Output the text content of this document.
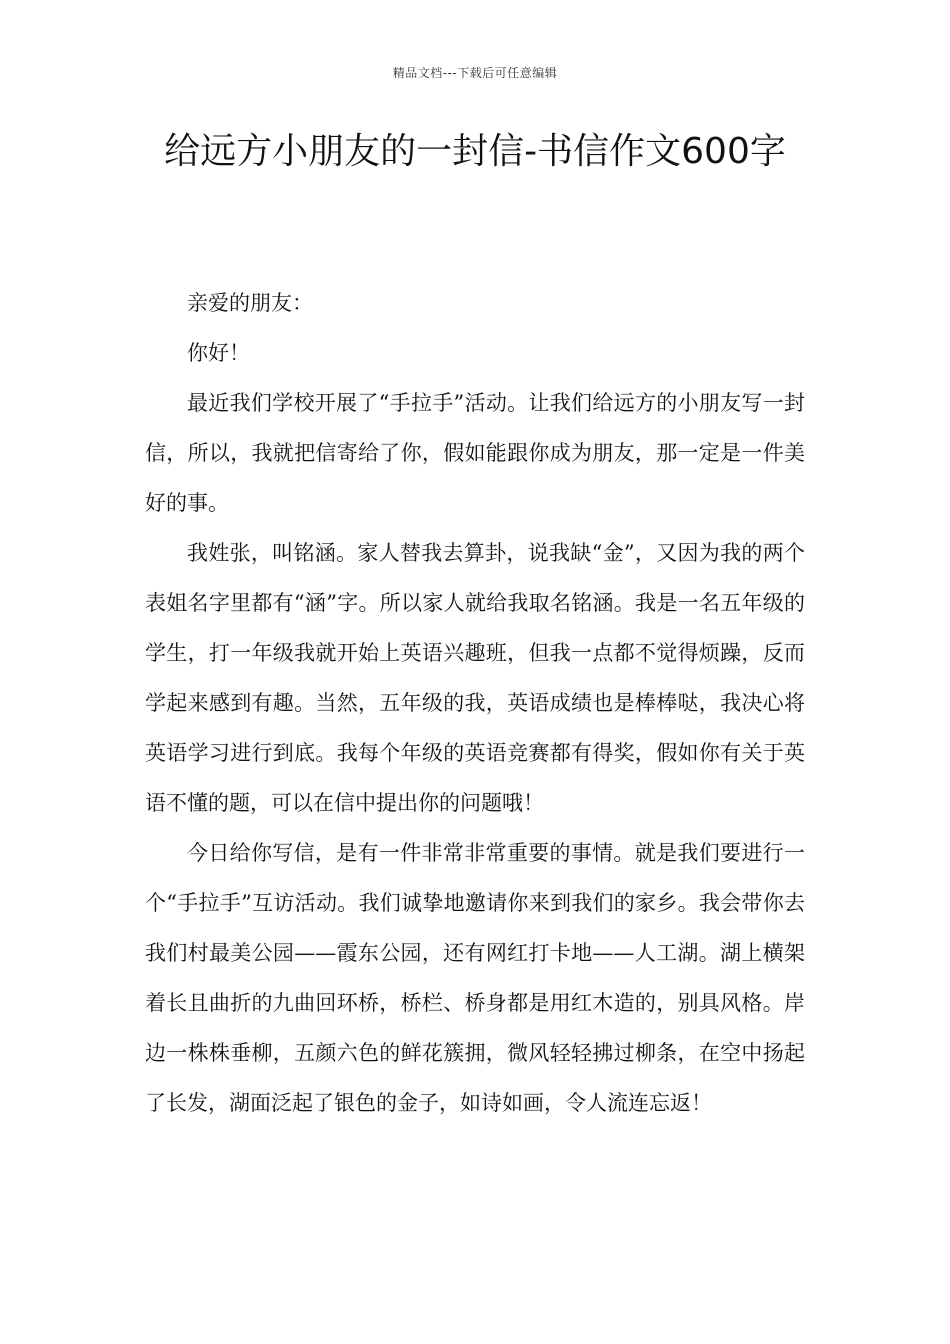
精品文档---下载后可任意编辑
给远方小朋友的一封信-书信作文600字

亲爱的朋友：

你好！

最近我们学校开展了“手拉手”活动。让我们给远方的小朋友写一封信，所以，我就把信寄给了你，假如能跟你成为朋友，那一定是一件美好的事。

我姓张，叫铭涵。家人替我去算卦，说我缺“金”，又因为我的两个表姐名字里都有“涵”字。所以家人就给我取名铭涵。我是一名五年级的学生，打一年级我就开始上英语兴趣班，但我一点都不觉得烦躁，反而学起来感到有趣。当然，五年级的我，英语成绩也是棒棒哒，我决心将英语学习进行到底。我每个年级的英语竞赛都有得奖，假如你有关于英语不懂的题，可以在信中提出你的问题哦！

今日给你写信，是有一件非常非常重要的事情。就是我们要进行一个“手拉手”互访活动。我们诚挚地邀请你来到我们的家乡。我会带你去我们村最美公园——霞东公园，还有网红打卡地——人工湖。湖上横架着长且曲折的九曲回环桥，桥栏、桥身都是用红木造的，别具风格。岸边一株株垂柳，五颜六色的鲜花簇拥，微风轻轻拂过柳条，在空中扬起了长发，湖面泛起了银色的金子，如诗如画，令人流连忘返！
